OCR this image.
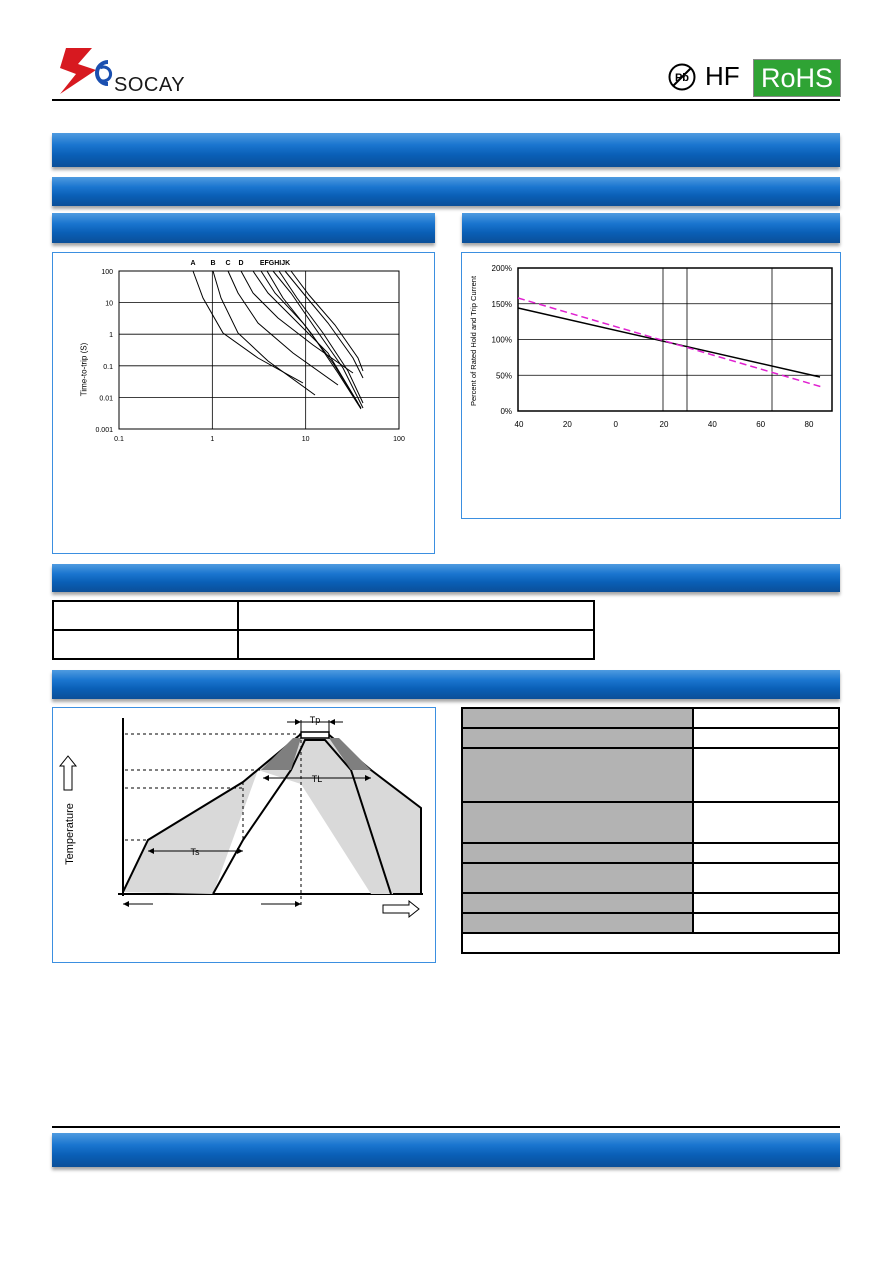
SOCAY	Pb HF RoHS
100
10
1
0.1
0.01
0.001
0.1	1	10	100
A B C D EFGHIJK
Time-to-trip (S)
200%
150%
100%
50%
0%
40	20	0	20	40	60	80
Percent of Rated Hold and Trip Current

Tp
TL
Ts
Temperature
